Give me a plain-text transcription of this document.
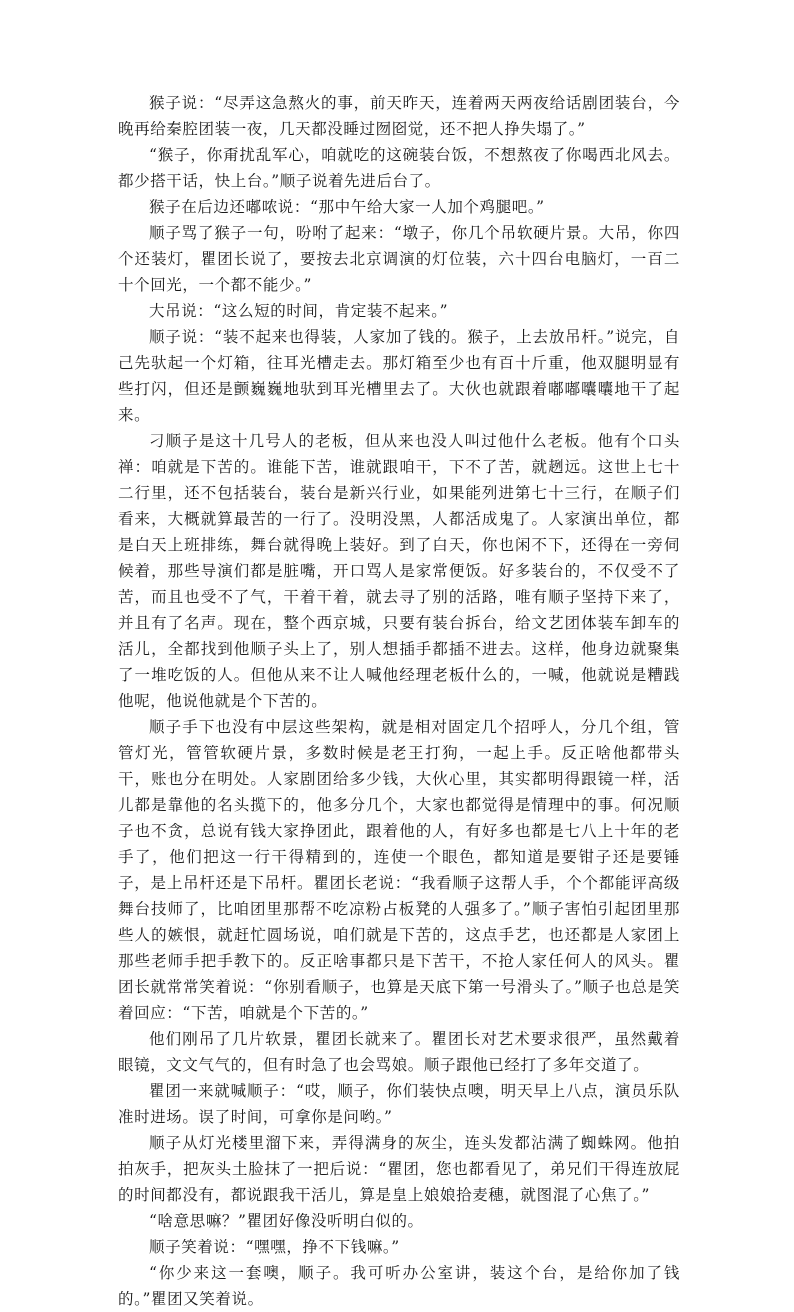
猴子说：“尽弄这急熬火的事，前天昨天，连着两天两夜给话剧团装台，今晚再给秦腔团装一夜，几天都没睡过囫囵觉，还不把人挣失塌了。”

“猴子，你甭扰乱军心，咱就吃的这碗装台饭，不想熬夜了你喝西北风去。都少搭干话，快上台。”顺子说着先进后台了。

猴子在后边还嘟哝说：“那中午给大家一人加个鸡腿吧。”

顺子骂了猴子一句，吩咐了起来：“墩子，你几个吊软硬片景。大吊，你四个还装灯，瞿团长说了，要按去北京调演的灯位装，六十四台电脑灯，一百二十个回光，一个都不能少。”

大吊说：“这么短的时间，肯定装不起来。”

顺子说：“装不起来也得装，人家加了钱的。猴子，上去放吊杆。”说完，自己先驮起一个灯箱，往耳光槽走去。那灯箱至少也有百十斤重，他双腿明显有些打闪，但还是颤巍巍地驮到耳光槽里去了。大伙也就跟着嘟嘟囔囔地干了起来。

刁顺子是这十几号人的老板，但从来也没人叫过他什么老板。他有个口头禅：咱就是下苦的。谁能下苦，谁就跟咱干，下不了苦，就趔远。这世上七十二行里，还不包括装台，装台是新兴行业，如果能列进第七十三行，在顺子们看来，大概就算最苦的一行了。没明没黑，人都活成鬼了。人家演出单位，都是白天上班排练，舞台就得晚上装好。到了白天，你也闲不下，还得在一旁伺候着，那些导演们都是脏嘴，开口骂人是家常便饭。好多装台的，不仅受不了苦，而且也受不了气，干着干着，就去寻了别的活路，唯有顺子坚持下来了，并且有了名声。现在，整个西京城，只要有装台拆台，给文艺团体装车卸车的活儿，全都找到他顺子头上了，别人想插手都插不进去。这样，他身边就聚集了一堆吃饭的人。但他从来不让人喊他经理老板什么的，一喊，他就说是糟践他呢，他说他就是个下苦的。

顺子手下也没有中层这些架构，就是相对固定几个招呼人，分几个组，管管灯光，管管软硬片景，多数时候是老王打狗，一起上手。反正啥他都带头干，账也分在明处。人家剧团给多少钱，大伙心里，其实都明得跟镜一样，活儿都是靠他的名头揽下的，他多分几个，大家也都觉得是情理中的事。何况顺子也不贪，总说有钱大家挣团此，跟着他的人，有好多也都是七八上十年的老手了，他们把这一行干得精到的，连使一个眼色，都知道是要钳子还是要锤子，是上吊杆还是下吊杆。瞿团长老说：“我看顺子这帮人手，个个都能评高级舞台技师了，比咱团里那帮不吃凉粉占板凳的人强多了。”顺子害怕引起团里那些人的嫉恨，就赶忙圆场说，咱们就是下苦的，这点手艺，也还都是人家团上那些老师手把手教下的。反正啥事都只是下苦干，不抢人家任何人的风头。瞿团长就常常笑着说：“你别看顺子，也算是天底下第一号滑头了。”顺子也总是笑着回应：“下苦，咱就是个下苦的。”

他们刚吊了几片软景，瞿团长就来了。瞿团长对艺术要求很严，虽然戴着眼镜，文文气气的，但有时急了也会骂娘。顺子跟他已经打了多年交道了。

瞿团一来就喊顺子：“哎，顺子，你们装快点噢，明天早上八点，演员乐队准时进场。误了时间，可拿你是问哟。”

顺子从灯光楼里溜下来，弄得满身的灰尘，连头发都沾满了蜘蛛网。他拍拍灰手，把灰头土脸抹了一把后说：“瞿团，您也都看见了，弟兄们干得连放屁的时间都没有，都说跟我干活儿，算是皇上娘娘拾麦穗，就图混了心焦了。”

“啥意思嘛？”瞿团好像没听明白似的。

顺子笑着说：“嘿嘿，挣不下钱嘛。”

“你少来这一套噢，顺子。我可听办公室讲，装这个台，是给你加了钱的。”瞿团又笑着说。
